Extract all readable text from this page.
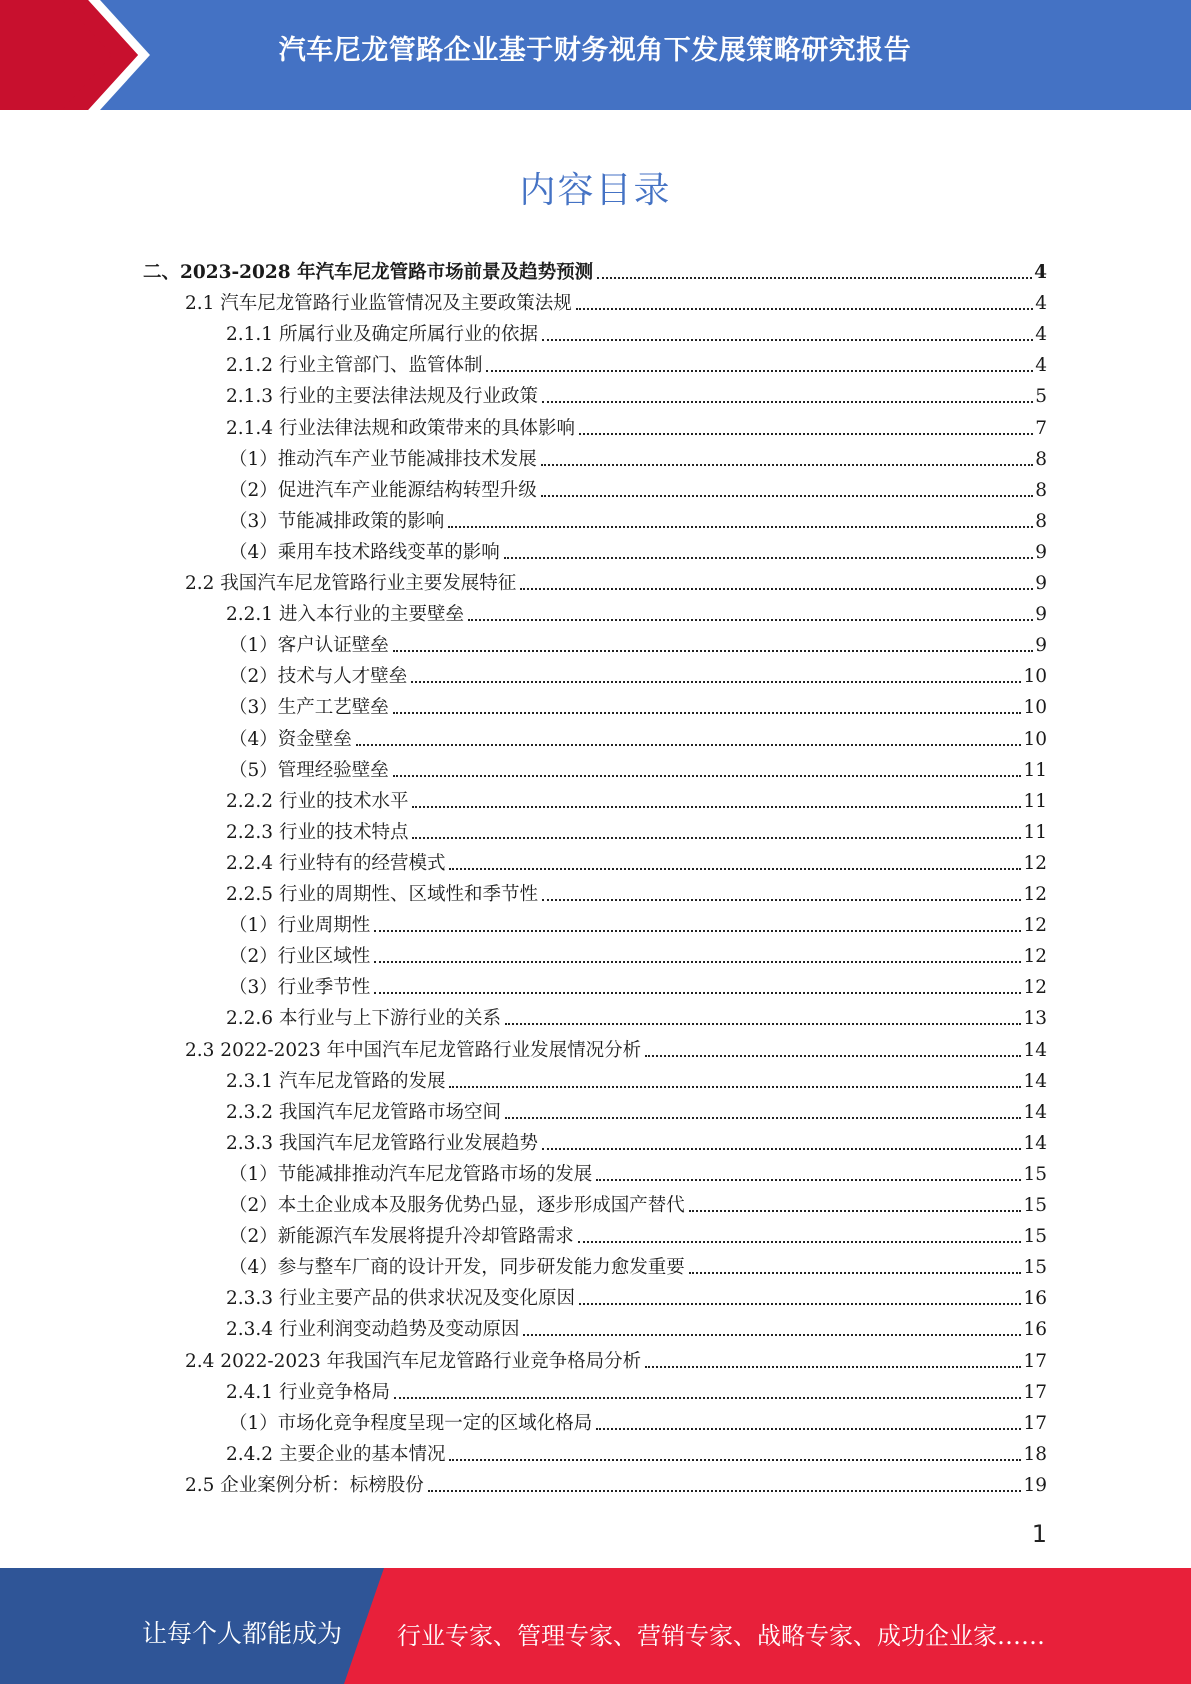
汽车尼龙管路企业基于财务视角下发展策略研究报告
内容目录
二、2023-2028 年汽车尼龙管路市场前景及趋势预测	4
2.1 汽车尼龙管路行业监管情况及主要政策法规	4
2.1.1 所属行业及确定所属行业的依据	4
2.1.2 行业主管部门、监管体制	4
2.1.3 行业的主要法律法规及行业政策	5
2.1.4 行业法律法规和政策带来的具体影响	7
（1）推动汽车产业节能减排技术发展	8
（2）促进汽车产业能源结构转型升级	8
（3）节能减排政策的影响	8
（4）乘用车技术路线变革的影响	9
2.2 我国汽车尼龙管路行业主要发展特征	9
2.2.1 进入本行业的主要壁垒	9
（1）客户认证壁垒	9
（2）技术与人才壁垒	10
（3）生产工艺壁垒	10
（4）资金壁垒	10
（5）管理经验壁垒	11
2.2.2 行业的技术水平	11
2.2.3 行业的技术特点	11
2.2.4 行业特有的经营模式	12
2.2.5 行业的周期性、区域性和季节性	12
（1）行业周期性	12
（2）行业区域性	12
（3）行业季节性	12
2.2.6 本行业与上下游行业的关系	13
2.3 2022-2023 年中国汽车尼龙管路行业发展情况分析	14
2.3.1 汽车尼龙管路的发展	14
2.3.2 我国汽车尼龙管路市场空间	14
2.3.3 我国汽车尼龙管路行业发展趋势	14
（1）节能减排推动汽车尼龙管路市场的发展	15
（2）本土企业成本及服务优势凸显，逐步形成国产替代	15
（2）新能源汽车发展将提升冷却管路需求	15
（4）参与整车厂商的设计开发，同步研发能力愈发重要	15
2.3.3 行业主要产品的供求状况及变化原因	16
2.3.4 行业利润变动趋势及变动原因	16
2.4 2022-2023 年我国汽车尼龙管路行业竞争格局分析	17
2.4.1 行业竞争格局	17
（1）市场化竞争程度呈现一定的区域化格局	17
2.4.2 主要企业的基本情况	18
2.5 企业案例分析：标榜股份	19
1
让每个人都能成为 行业专家、管理专家、营销专家、战略专家、成功企业家……
